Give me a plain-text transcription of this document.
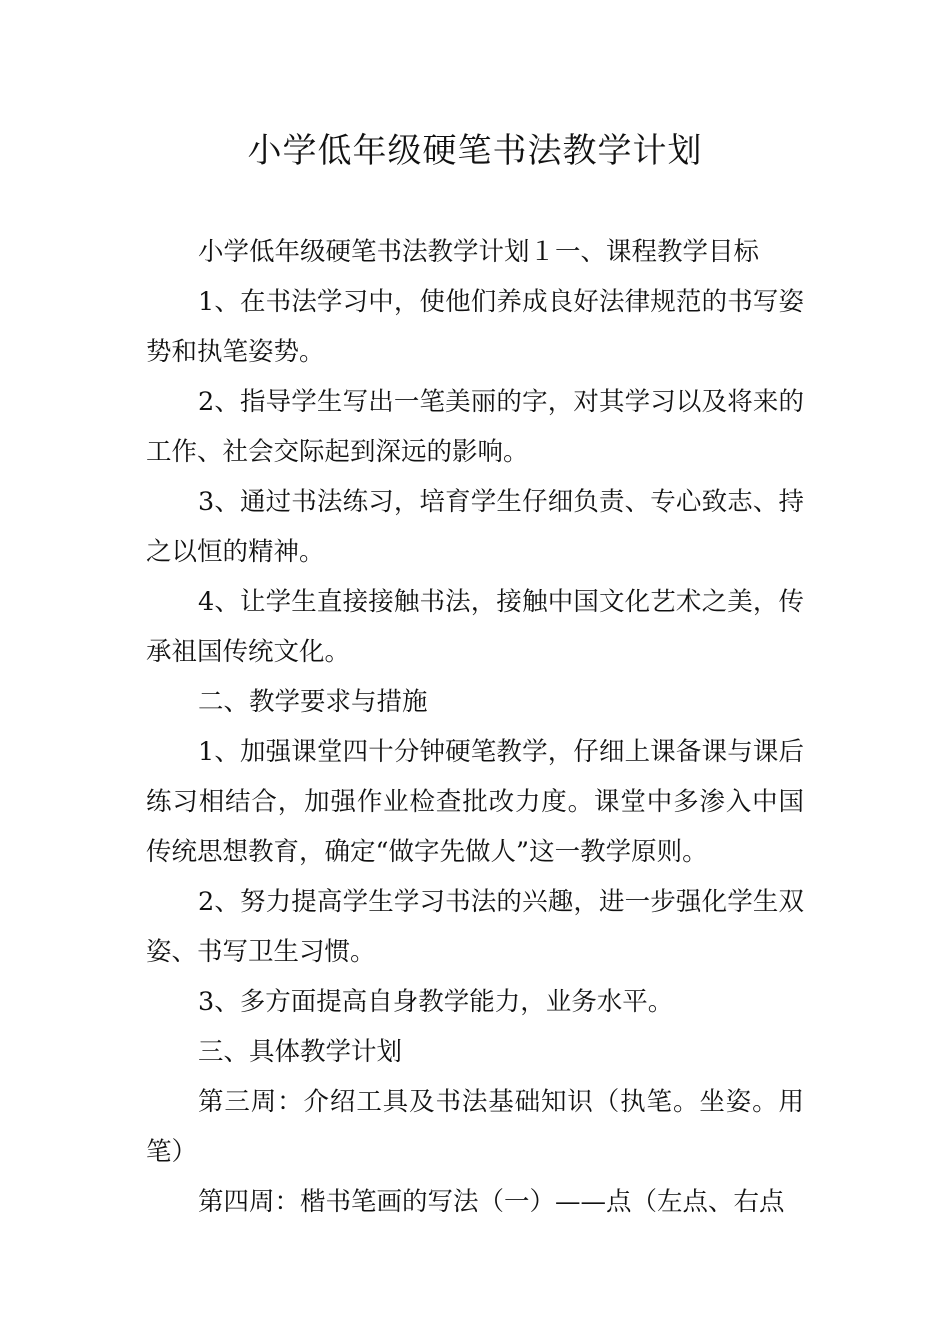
小学低年级硬笔书法教学计划

小学低年级硬笔书法教学计划１一、课程教学目标

1、在书法学习中，使他们养成良好法律规范的书写姿势和执笔姿势。

2、指导学生写出一笔美丽的字，对其学习以及将来的工作、社会交际起到深远的影响。

3、通过书法练习，培育学生仔细负责、专心致志、持之以恒的精神。

4、让学生直接接触书法，接触中国文化艺术之美，传承祖国传统文化。

二、教学要求与措施

1、加强课堂四十分钟硬笔教学，仔细上课备课与课后练习相结合，加强作业检查批改力度。课堂中多渗入中国传统思想教育，确定“做字先做人”这一教学原则。

2、努力提高学生学习书法的兴趣，进一步强化学生双姿、书写卫生习惯。

3、多方面提高自身教学能力，业务水平。

三、具体教学计划

第三周：介绍工具及书法基础知识（执笔。坐姿。用笔）

第四周：楷书笔画的写法（一）——点（左点、右点
